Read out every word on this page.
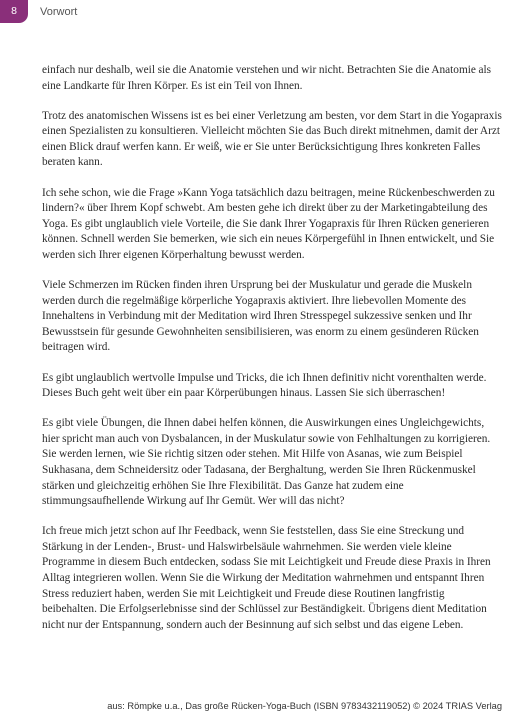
8	Vorwort

einfach nur deshalb, weil sie die Anatomie verstehen und wir nicht. Betrachten Sie die Anatomie als eine Landkarte für Ihren Körper. Es ist ein Teil von Ihnen.

Trotz des anatomischen Wissens ist es bei einer Verletzung am besten, vor dem Start in die Yogapraxis einen Spezialisten zu konsultieren. Vielleicht möchten Sie das Buch direkt mitnehmen, damit der Arzt einen Blick drauf werfen kann. Er weiß, wie er Sie unter Berücksichtigung Ihres konkreten Falles beraten kann.

Ich sehe schon, wie die Frage »Kann Yoga tatsächlich dazu beitragen, meine Rückenbeschwerden zu lindern?« über Ihrem Kopf schwebt. Am besten gehe ich direkt über zu der Marketingabteilung des Yoga. Es gibt unglaublich viele Vorteile, die Sie dank Ihrer Yogapraxis für Ihren Rücken generieren können. Schnell werden Sie bemerken, wie sich ein neues Körpergefühl in Ihnen entwickelt, und Sie werden sich Ihrer eigenen Körperhaltung bewusst werden.

Viele Schmerzen im Rücken finden ihren Ursprung bei der Muskulatur und gerade die Muskeln werden durch die regelmäßige körperliche Yogapraxis aktiviert. Ihre liebevollen Momente des Innehaltens in Verbindung mit der Meditation wird Ihren Stresspegel sukzessive senken und Ihr Bewusstsein für gesunde Gewohnheiten sensibilisieren, was enorm zu einem gesünderen Rücken beitragen wird.

Es gibt unglaublich wertvolle Impulse und Tricks, die ich Ihnen definitiv nicht vorenthalten werde. Dieses Buch geht weit über ein paar Körperübungen hinaus. Lassen Sie sich überraschen!

Es gibt viele Übungen, die Ihnen dabei helfen können, die Auswirkungen eines Ungleichgewichts, hier spricht man auch von Dysbalancen, in der Muskulatur sowie von Fehlhaltungen zu korrigieren. Sie werden lernen, wie Sie richtig sitzen oder stehen. Mit Hilfe von Asanas, wie zum Beispiel Sukhasana, dem Schneidersitz oder Tadasana, der Berghaltung, werden Sie Ihren Rückenmuskel stärken und gleichzeitig erhöhen Sie Ihre Flexibilität. Das Ganze hat zudem eine stimmungsaufhellende Wirkung auf Ihr Gemüt. Wer will das nicht?

Ich freue mich jetzt schon auf Ihr Feedback, wenn Sie feststellen, dass Sie eine Streckung und Stärkung in der Lenden-, Brust- und Halswirbelsäule wahrnehmen. Sie werden viele kleine Programme in diesem Buch entdecken, sodass Sie mit Leichtigkeit und Freude diese Praxis in Ihren Alltag integrieren wollen. Wenn Sie die Wirkung der Meditation wahrnehmen und entspannt Ihren Stress reduziert haben, werden Sie mit Leichtigkeit und Freude diese Routinen langfristig beibehalten. Die Erfolgserlebnisse sind der Schlüssel zur Beständigkeit. Übrigens dient Meditation nicht nur der Entspannung, sondern auch der Besinnung auf sich selbst und das eigene Leben.

aus: Römpke u.a., Das große Rücken-Yoga-Buch (ISBN 9783432119052) © 2024 TRIAS Verlag
